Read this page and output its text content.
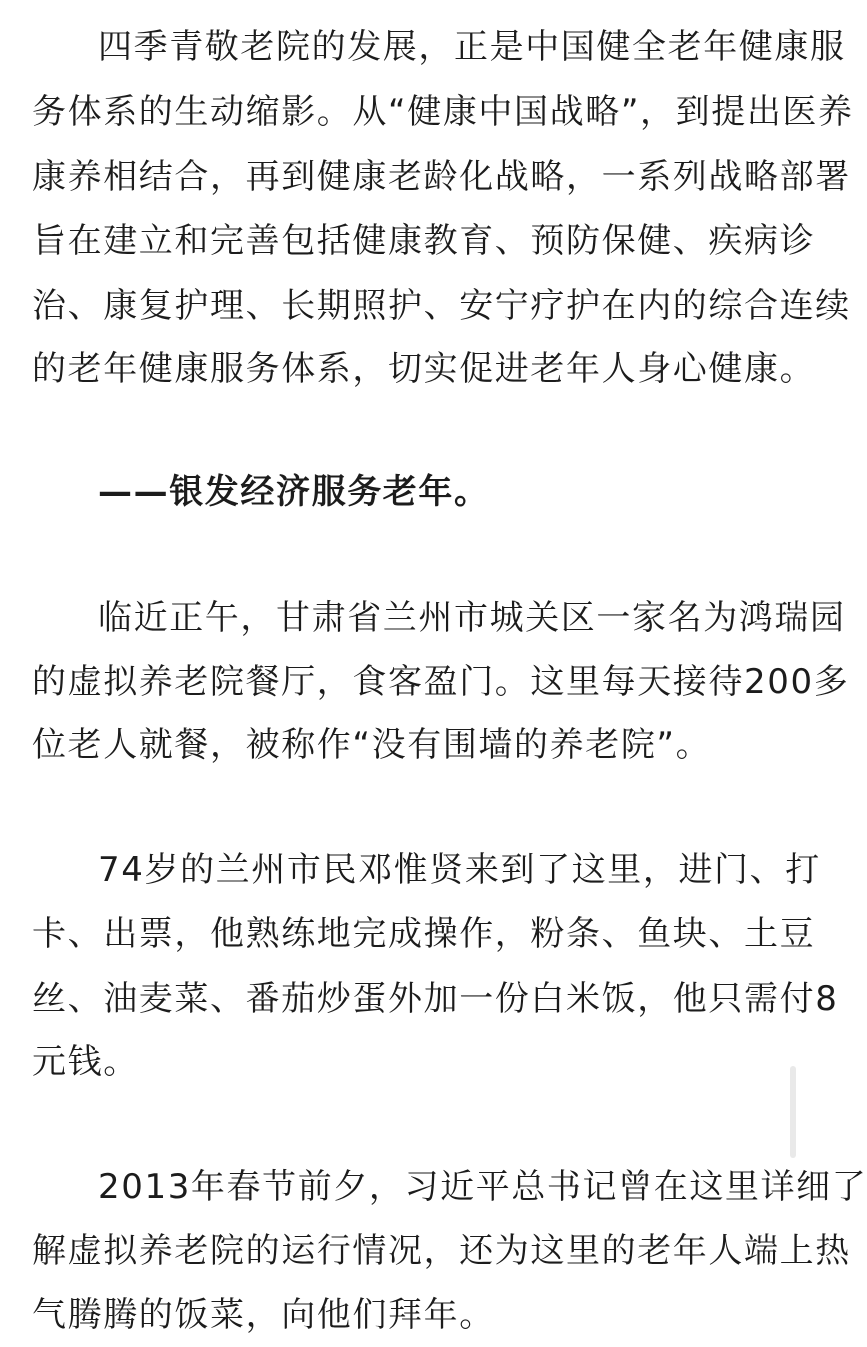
四季青敬老院的发展，正是中国健全老年健康服
务体系的生动缩影。从“健康中国战略”，到提出医养
康养相结合，再到健康老龄化战略，一系列战略部署
旨在建立和完善包括健康教育、预防保健、疾病诊
治、康复护理、长期照护、安宁疗护在内的综合连续
的老年健康服务体系，切实促进老年人身心健康。
——银发经济服务老年。
临近正午，甘肃省兰州市城关区一家名为鸿瑞园
的虚拟养老院餐厅，食客盈门。这里每天接待200多
位老人就餐，被称作“没有围墙的养老院”。
74岁的兰州市民邓惟贤来到了这里，进门、打
卡、出票，他熟练地完成操作，粉条、鱼块、土豆
丝、油麦菜、番茄炒蛋外加一份白米饭，他只需付8
元钱。
2013年春节前夕，习近平总书记曾在这里详细了
解虚拟养老院的运行情况，还为这里的老年人端上热
气腾腾的饭菜，向他们拜年。
